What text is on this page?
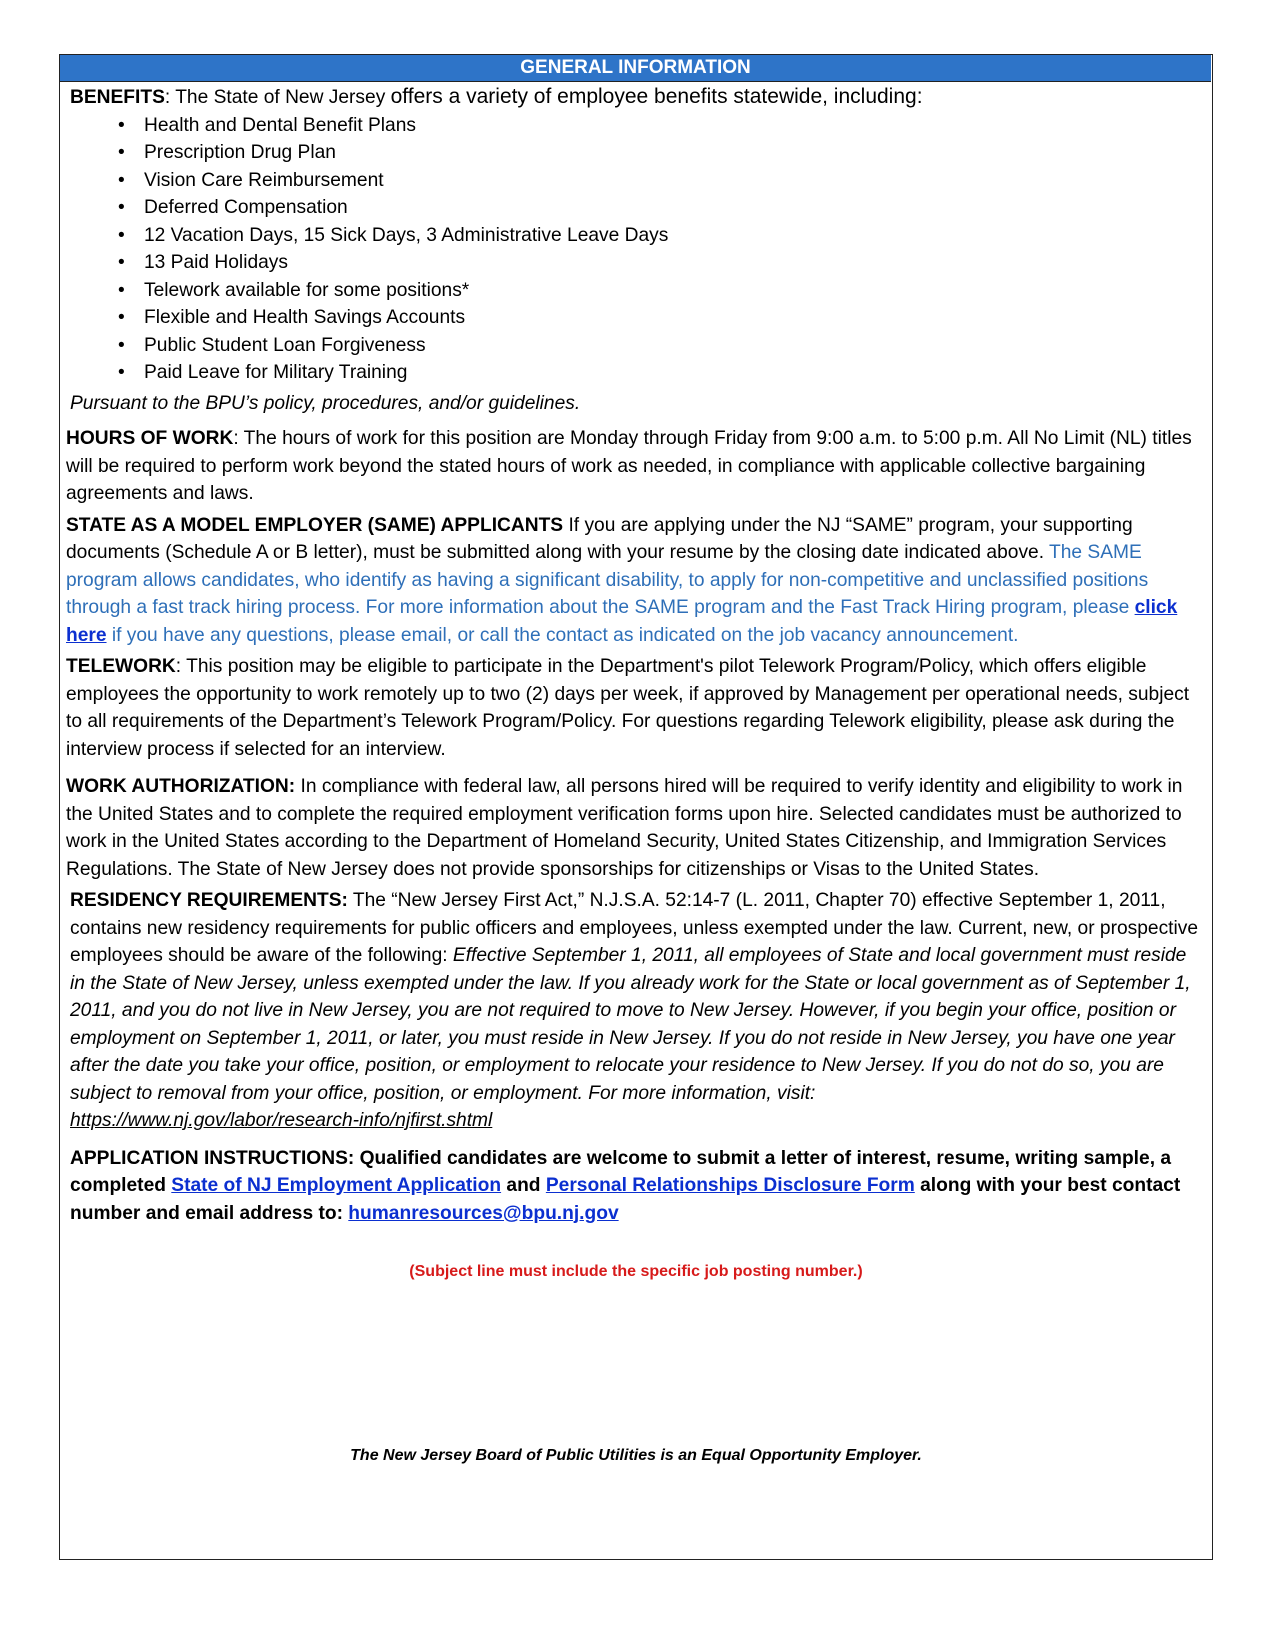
GENERAL INFORMATION

BENEFITS: The State of New Jersey offers a variety of employee benefits statewide, including:

• Health and Dental Benefit Plans
• Prescription Drug Plan
• Vision Care Reimbursement
• Deferred Compensation
• 12 Vacation Days, 15 Sick Days, 3 Administrative Leave Days
• 13 Paid Holidays
• Telework available for some positions*
• Flexible and Health Savings Accounts
• Public Student Loan Forgiveness
• Paid Leave for Military Training

Pursuant to the BPU’s policy, procedures, and/or guidelines.

HOURS OF WORK: The hours of work for this position are Monday through Friday from 9:00 a.m. to 5:00 p.m. All No Limit (NL) titles will be required to perform work beyond the stated hours of work as needed, in compliance with applicable collective bargaining agreements and laws.

STATE AS A MODEL EMPLOYER (SAME) APPLICANTS If you are applying under the NJ “SAME” program, your supporting documents (Schedule A or B letter), must be submitted along with your resume by the closing date indicated above. The SAME program allows candidates, who identify as having a significant disability, to apply for non-competitive and unclassified positions through a fast track hiring process. For more information about the SAME program and the Fast Track Hiring program, please click here if you have any questions, please email, or call the contact as indicated on the job vacancy announcement.

TELEWORK: This position may be eligible to participate in the Department's pilot Telework Program/Policy, which offers eligible employees the opportunity to work remotely up to two (2) days per week, if approved by Management per operational needs, subject to all requirements of the Department’s Telework Program/Policy. For questions regarding Telework eligibility, please ask during the interview process if selected for an interview.

WORK AUTHORIZATION: In compliance with federal law, all persons hired will be required to verify identity and eligibility to work in the United States and to complete the required employment verification forms upon hire. Selected candidates must be authorized to work in the United States according to the Department of Homeland Security, United States Citizenship, and Immigration Services Regulations. The State of New Jersey does not provide sponsorships for citizenships or Visas to the United States.

RESIDENCY REQUIREMENTS: The “New Jersey First Act,” N.J.S.A. 52:14-7 (L. 2011, Chapter 70) effective September 1, 2011, contains new residency requirements for public officers and employees, unless exempted under the law. Current, new, or prospective employees should be aware of the following: Effective September 1, 2011, all employees of State and local government must reside in the State of New Jersey, unless exempted under the law. If you already work for the State or local government as of September 1, 2011, and you do not live in New Jersey, you are not required to move to New Jersey. However, if you begin your office, position or employment on September 1, 2011, or later, you must reside in New Jersey. If you do not reside in New Jersey, you have one year after the date you take your office, position, or employment to relocate your residence to New Jersey. If you do not do so, you are subject to removal from your office, position, or employment. For more information, visit:

https://www.nj.gov/labor/research-info/njfirst.shtml

APPLICATION INSTRUCTIONS: Qualified candidates are welcome to submit a letter of interest, resume, writing sample, a completed State of NJ Employment Application and Personal Relationships Disclosure Form along with your best contact number and email address to: humanresources@bpu.nj.gov

(Subject line must include the specific job posting number.)
The New Jersey Board of Public Utilities is an Equal Opportunity Employer.
